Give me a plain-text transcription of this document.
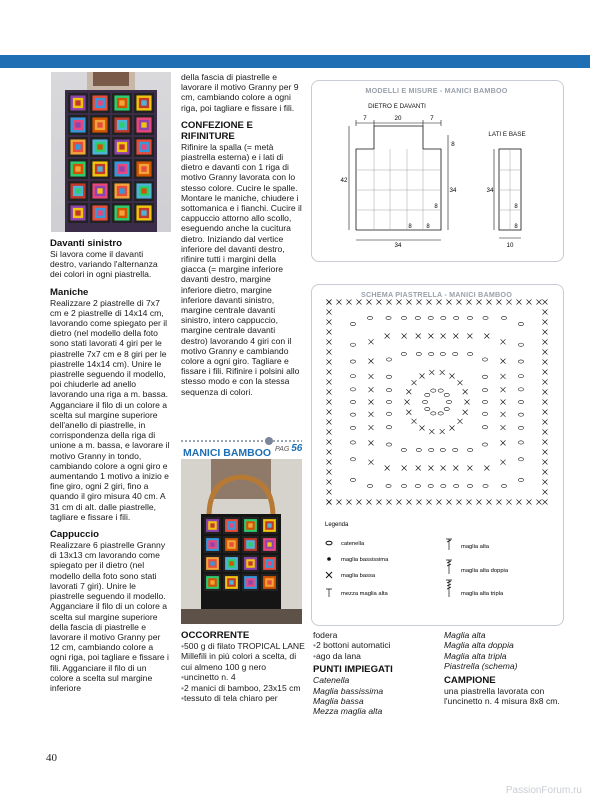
Davanti sinistro

Si lavora come il davanti destro, variando l'alternanza dei colori in ogni piastrella.

Maniche

Realizzare 2 piastrelle di 7x7 cm e 2 piastrelle di 14x14 cm, lavorando come spiegato per il dietro (nel modello della foto sono stati lavorati 4 giri per le piastrelle 7x7 cm e 8 giri per le piastrelle 14x14 cm). Unire le piastrelle seguendo il modello, poi chiuderle ad anello lavorando una riga a m. bassa. Agganciare il filo di un colore a scelta sul margine superiore dell'anello di piastrelle, in corrispondenza della riga di unione a m. bassa, e lavorare il motivo Granny in tondo, cambiando colore a ogni giro e aumentando 1 motivo a inizio e fine giro, ogni 2 giri, fino a quando il giro misura 40 cm. A 31 cm di alt. dalle piastrelle, tagliare e fissare i fili.

Cappuccio

Realizzare 6 piastrelle Granny di 13x13 cm lavorando come spiegato per il dietro (nel modello della foto sono stati lavorati 7 giri). Unire le piastrelle seguendo il modello. Agganciare il filo di un colore a scelta sul margine superiore della fascia di piastrelle e lavorare il motivo Granny per 12 cm, cambiando colore a ogni riga, poi tagliare e fissare i fili. Agganciare il filo di un colore a scelta sul margine inferiore

della fascia di piastrelle e lavorare il motivo Granny per 9 cm, cambiando colore a ogni riga, poi tagliare e fissare i fili.

CONFEZIONE E RIFINITURE

Rifinire la spalla (= metà piastrella esterna) e i lati di dietro e davanti con 1 riga di motivo Granny lavorata con lo stesso colore. Cucire le spalle. Montare le maniche, chiudere i sottomanica e i fianchi. Cucire il cappuccio attorno allo scollo, eseguendo anche la cucitura dietro. Iniziando dal vertice inferiore del davanti destro, rifinire tutti i margini della giacca (= margine inferiore davanti destro, margine inferiore dietro, margine inferiore davanti sinistro, margine centrale davanti sinistro, intero cappuccio, margine centrale davanti destro) lavorando 4 giri con il motivo Granny e cambiando colore a ogni giro. Tagliare e fissare i fili. Rifinire i polsini allo stesso modo e con la stessa sequenza di colori.

MANICI BAMBOO PAG 56
MODELLI E MISURE - MANICI BAMBOO
DIETRO E DAVANTI
LATI E BASE
7	20	7
42
34
8
8 8
8
34
34
8
8
10
SCHEMA PIASTRELLA - MANICI BAMBOO
Legenda
catenella
maglia bassissima
maglia bassa
mezza maglia alta
maglia alta
maglia alta doppia
maglia alta tripla
OCCORRENTE

• 500 g di filato TROPICAL LANE Millefili in più colori a scelta, di cui almeno 100 g nero

• uncinetto n. 4

• 2 manici di bamboo, 23x15 cm

• tessuto di tela chiaro per

fodera

• 2 bottoni automatici

• ago da lana

PUNTI IMPIEGATI

Catenella

Maglia bassissima

Maglia bassa

Mezza maglia alta

Maglia alta

Maglia alta doppia

Maglia alta tripla

Piastrella (schema)

CAMPIONE

una piastrella lavorata con l'uncinetto n. 4 misura 8x8 cm.

40
PassionForum.ru
